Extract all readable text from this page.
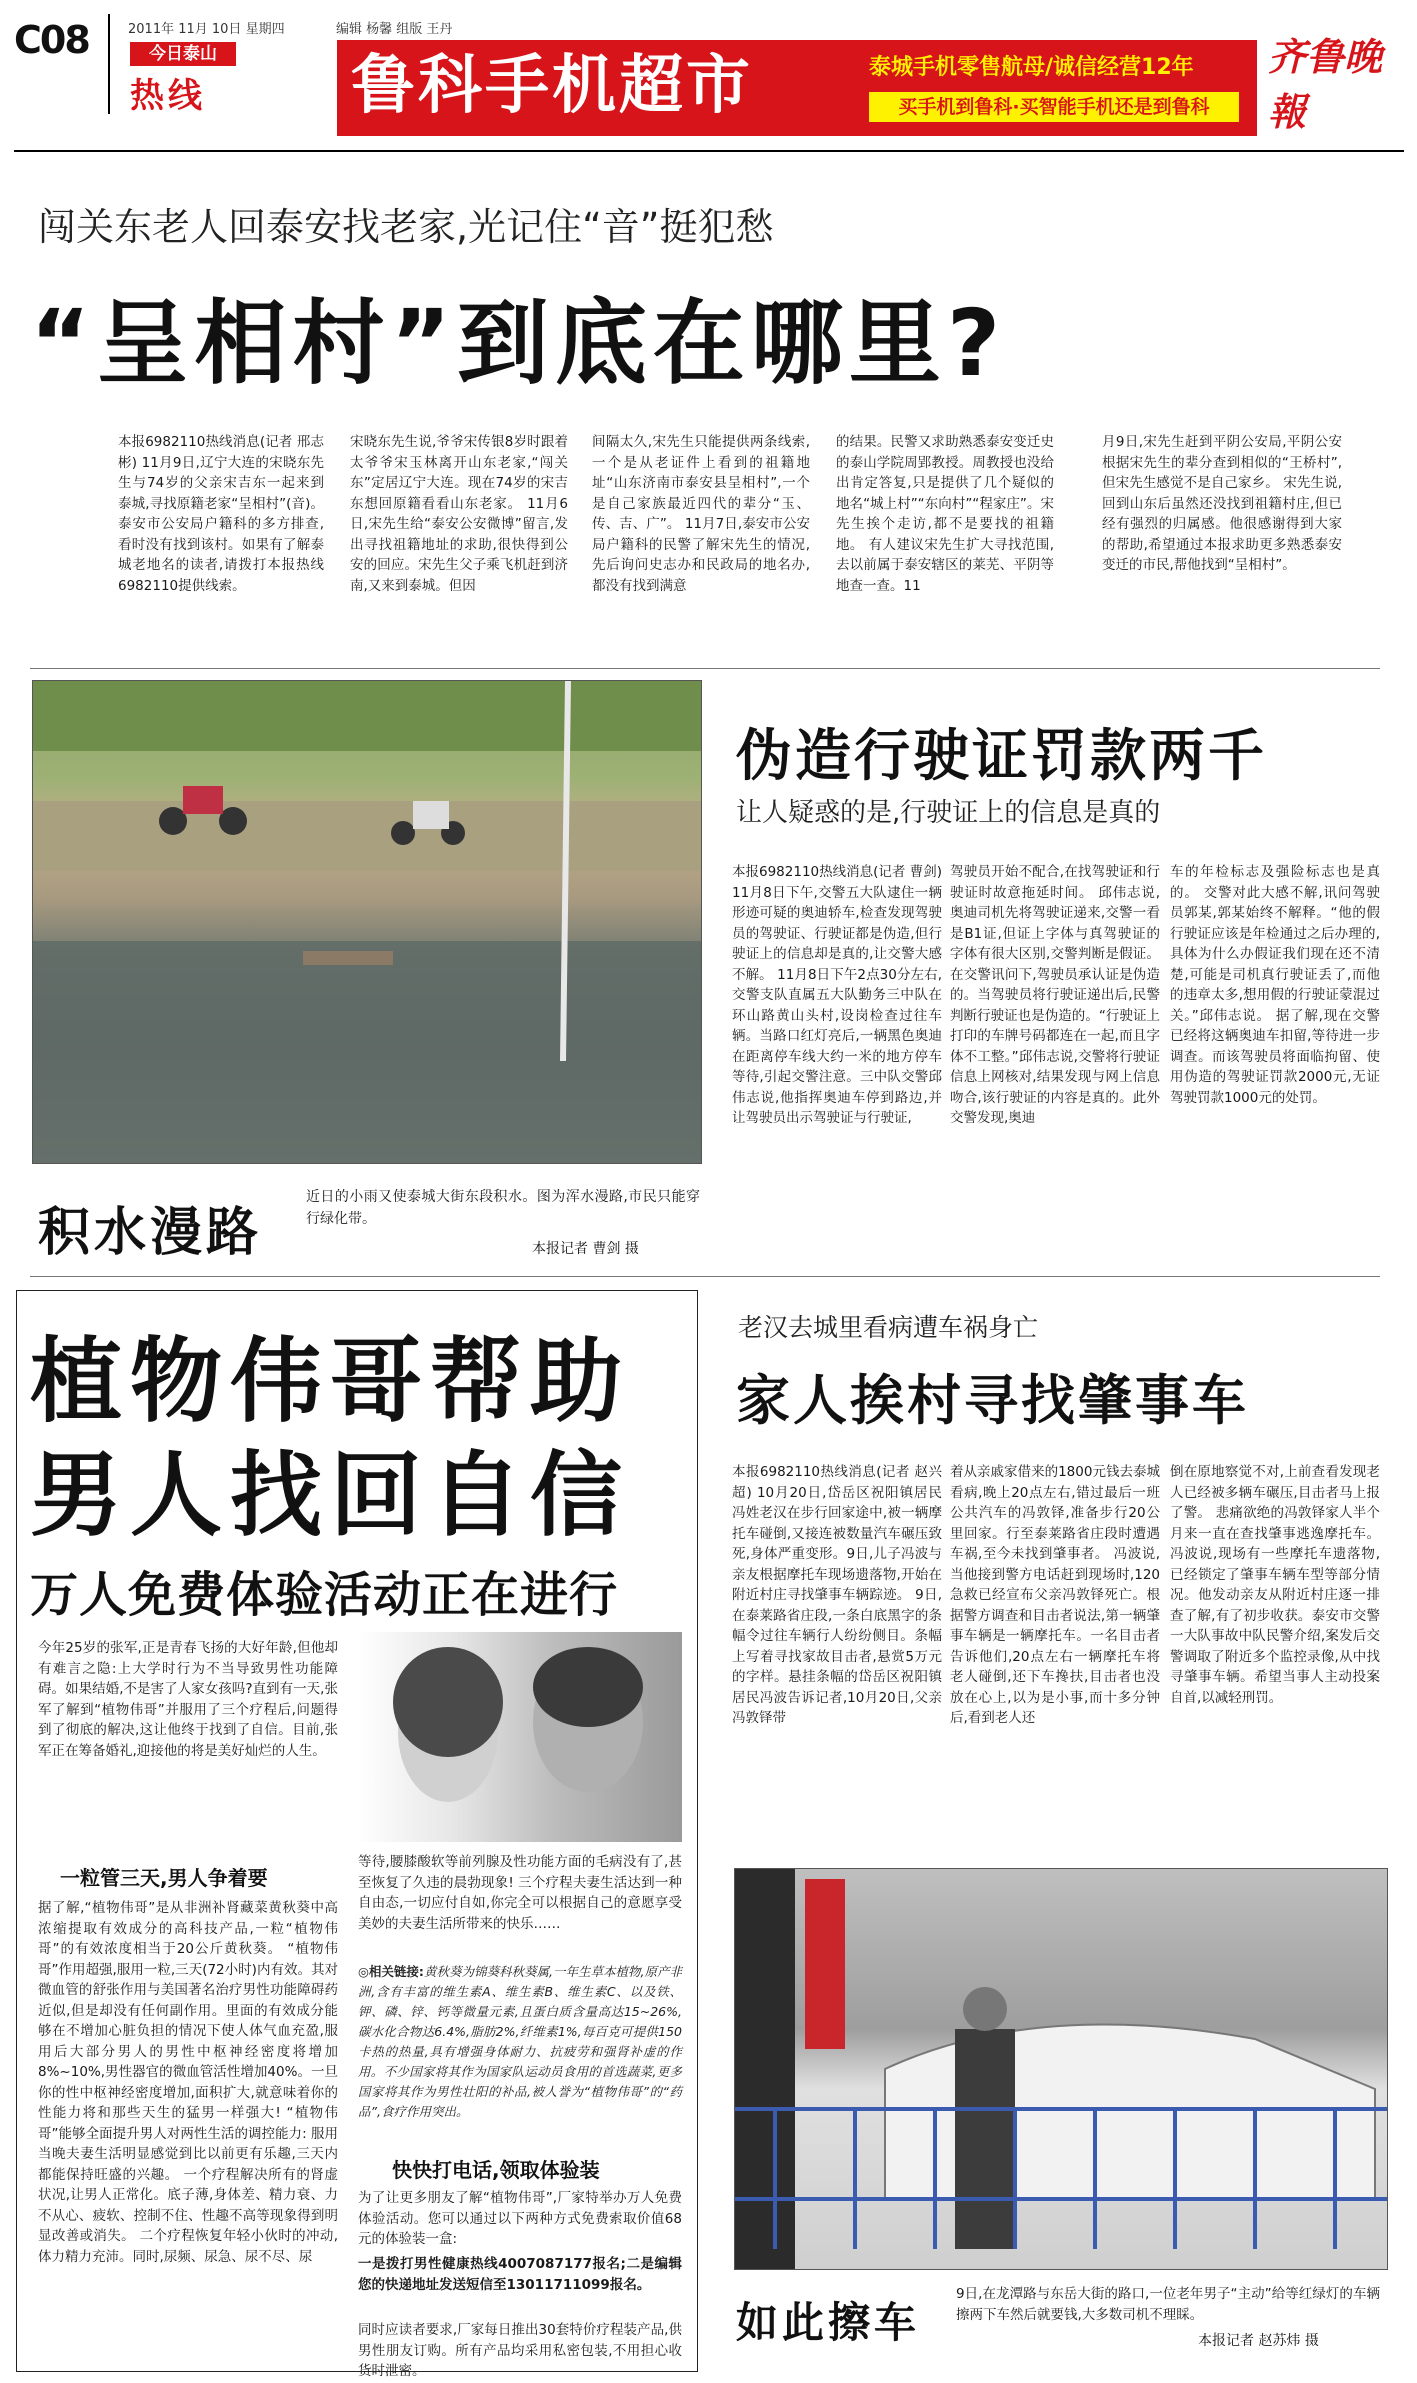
C08	2011年 11月 10日 星期四	编辑 杨馨 组版 王丹
今日泰山
热线 鲁科手机超市	泰城手机零售航母/诚信经营12年
买手机到鲁科·买智能手机还是到鲁科
齐鲁晚報
闯关东老人回泰安找老家,光记住“音”挺犯愁
“呈相村”到底在哪里?
本报6982110热线消息(记者 邢志彬) 11月9日,辽宁大连的宋晓东先生与74岁的父亲宋吉东一起来到泰城,寻找原籍老家“呈相村”(音)。泰安市公安局户籍科的多方排查,看时没有找到该村。如果有了解泰城老地名的读者,请拨打本报热线6982110提供线索。
宋晓东先生说,爷爷宋传银8岁时跟着太爷爷宋玉林离开山东老家,“闯关东”定居辽宁大连。现在74岁的宋吉东想回原籍看看山东老家。 11月6日,宋先生给“泰安公安微博”留言,发出寻找祖籍地址的求助,很快得到公安的回应。宋先生父子乘飞机赶到济南,又来到泰城。但因
间隔太久,宋先生只能提供两条线索,一个是从老证件上看到的祖籍地址“山东济南市泰安县呈相村”,一个是自己家族最近四代的辈分“玉、传、吉、广”。 11月7日,泰安市公安局户籍科的民警了解宋先生的情况,先后询问史志办和民政局的地名办,都没有找到满意
的结果。民警又求助熟悉泰安变迁史的泰山学院周郢教授。周教授也没给出肯定答复,只是提供了几个疑似的地名“城上村”“东向村”“程家庄”。宋先生挨个走访,都不是要找的祖籍地。 有人建议宋先生扩大寻找范围,去以前属于泰安辖区的莱芜、平阴等地查一查。11
月9日,宋先生赶到平阴公安局,平阴公安根据宋先生的辈分查到相似的“王桥村”,但宋先生感觉不是自己家乡。 宋先生说,回到山东后虽然还没找到祖籍村庄,但已经有强烈的归属感。他很感谢得到大家的帮助,希望通过本报求助更多熟悉泰安变迁的市民,帮他找到“呈相村”。
积水漫路
近日的小雨又使泰城大街东段积水。图为浑水漫路,市民只能穿行绿化带。
本报记者 曹剑 摄
伪造行驶证罚款两千
让人疑惑的是,行驶证上的信息是真的
本报6982110热线消息(记者 曹剑) 11月8日下午,交警五大队逮住一辆形迹可疑的奥迪轿车,检查发现驾驶员的驾驶证、行驶证都是伪造,但行驶证上的信息却是真的,让交警大感不解。 11月8日下午2点30分左右,交警支队直属五大队勤务三中队在环山路黄山头村,设岗检查过往车辆。当路口红灯亮后,一辆黑色奥迪在距离停车线大约一米的地方停车等待,引起交警注意。三中队交警邱伟志说,他指挥奥迪车停到路边,并让驾驶员出示驾驶证与行驶证,
驾驶员开始不配合,在找驾驶证和行驶证时故意拖延时间。 邱伟志说,奥迪司机先将驾驶证递来,交警一看是B1证,但证上字体与真驾驶证的字体有很大区别,交警判断是假证。在交警讯问下,驾驶员承认证是伪造的。当驾驶员将行驶证递出后,民警判断行驶证也是伪造的。“行驶证上打印的车牌号码都连在一起,而且字体不工整。”邱伟志说,交警将行驶证信息上网核对,结果发现与网上信息吻合,该行驶证的内容是真的。此外交警发现,奥迪
车的年检标志及强险标志也是真的。 交警对此大感不解,讯问驾驶员郭某,郭某始终不解释。“他的假行驶证应该是年检通过之后办理的,具体为什么办假证我们现在还不清楚,可能是司机真行驶证丢了,而他的违章太多,想用假的行驶证蒙混过关。”邱伟志说。 据了解,现在交警已经将这辆奥迪车扣留,等待进一步调查。而该驾驶员将面临拘留、使用伪造的驾驶证罚款2000元,无证驾驶罚款1000元的处罚。
植物伟哥帮助
男人找回自信
万人免费体验活动正在进行
今年25岁的张军,正是青春飞扬的大好年龄,但他却有难言之隐:上大学时行为不当导致男性功能障碍。如果结婚,不是害了人家女孩吗?直到有一天,张军了解到“植物伟哥”并服用了三个疗程后,问题得到了彻底的解决,这让他终于找到了自信。目前,张军正在筹备婚礼,迎接他的将是美好灿烂的人生。
一粒管三天,男人争着要
据了解,“植物伟哥”是从非洲补肾藏菜黄秋葵中高浓缩提取有效成分的高科技产品,一粒“植物伟哥”的有效浓度相当于20公斤黄秋葵。 “植物伟哥”作用超强,服用一粒,三天(72小时)内有效。其对微血管的舒张作用与美国著名治疗男性功能障碍药近似,但是却没有任何副作用。里面的有效成分能够在不增加心脏负担的情况下使人体气血充盈,服用后大部分男人的男性中枢神经密度将增加8%~10%,男性器官的微血管活性增加40%。一旦你的性中枢神经密度增加,面积扩大,就意味着你的性能力将和那些天生的猛男一样强大! “植物伟哥”能够全面提升男人对两性生活的调控能力: 服用当晚夫妻生活明显感觉到比以前更有乐趣,三天内都能保持旺盛的兴趣。 一个疗程解决所有的肾虚状况,让男人正常化。底子薄,身体差、精力衰、力不从心、疲软、控制不住、性趣不高等现象得到明显改善或消失。 二个疗程恢复年轻小伙时的冲动,体力精力充沛。同时,尿频、尿急、尿不尽、尿
等待,腰膝酸软等前列腺及性功能方面的毛病没有了,甚至恢复了久违的晨勃现象! 三个疗程夫妻生活达到一种自由态,一切应付自如,你完全可以根据自己的意愿享受美妙的夫妻生活所带来的快乐……
◎相关链接:黄秋葵为锦葵科秋葵属,一年生草本植物,原产非洲,含有丰富的维生素A、维生素B、维生素C、以及铁、钾、磷、锌、钙等微量元素,且蛋白质含量高达15~26%,碳水化合物达6.4%,脂肪2%,纤维素1%,每百克可提供150卡热的热量,具有增强身体耐力、抗疲劳和强肾补虚的作用。不少国家将其作为国家队运动员食用的首选蔬菜,更多国家将其作为男性壮阳的补品,被人誉为“植物伟哥”的“药品”,食疗作用突出。
快快打电话,领取体验装
为了让更多朋友了解“植物伟哥”,厂家特举办万人免费体验活动。您可以通过以下两种方式免费索取价值68元的体验装一盒:
一是拨打男性健康热线4007087177报名;二是编辑您的快递地址发送短信至13011711099报名。
同时应读者要求,厂家每日推出30套特价疗程装产品,供男性朋友订购。所有产品均采用私密包装,不用担心收货时泄密。
老汉去城里看病遭车祸身亡
家人挨村寻找肇事车
本报6982110热线消息(记者 赵兴超) 10月20日,岱岳区祝阳镇居民冯姓老汉在步行回家途中,被一辆摩托车碰倒,又接连被数量汽车碾压致死,身体严重变形。9日,儿子冯波与亲友根据摩托车现场遗落物,开始在附近村庄寻找肇事车辆踪迹。 9日,在泰莱路省庄段,一条白底黑字的条幅令过往车辆行人纷纷侧目。条幅上写着寻找家故目击者,悬赏5万元的字样。悬挂条幅的岱岳区祝阳镇居民冯波告诉记者,10月20日,父亲冯敦铎带
着从亲戚家借来的1800元钱去泰城看病,晚上20点左右,错过最后一班公共汽车的冯敦铎,准备步行20公里回家。行至泰莱路省庄段时遭遇车祸,至今未找到肇事者。 冯波说,当他接到警方电话赶到现场时,120急救已经宣布父亲冯敦铎死亡。根据警方调查和目击者说法,第一辆肇事车辆是一辆摩托车。一名目击者告诉他们,20点左右一辆摩托车将老人碰倒,还下车搀扶,目击者也没放在心上,以为是小事,而十多分钟后,看到老人还
倒在原地察觉不对,上前查看发现老人已经被多辆车碾压,目击者马上报了警。 悲痛欲绝的冯敦铎家人半个月来一直在查找肇事逃逸摩托车。冯波说,现场有一些摩托车遗落物,已经锁定了肇事车辆车型等部分情况。他发动亲友从附近村庄逐一排查了解,有了初步收获。泰安市交警一大队事故中队民警介绍,案发后交警调取了附近多个监控录像,从中找寻肇事车辆。希望当事人主动投案自首,以减轻刑罚。
如此擦车
9日,在龙潭路与东岳大街的路口,一位老年男子“主动”给等红绿灯的车辆擦两下车然后就要钱,大多数司机不理睬。
本报记者 赵苏炜 摄
